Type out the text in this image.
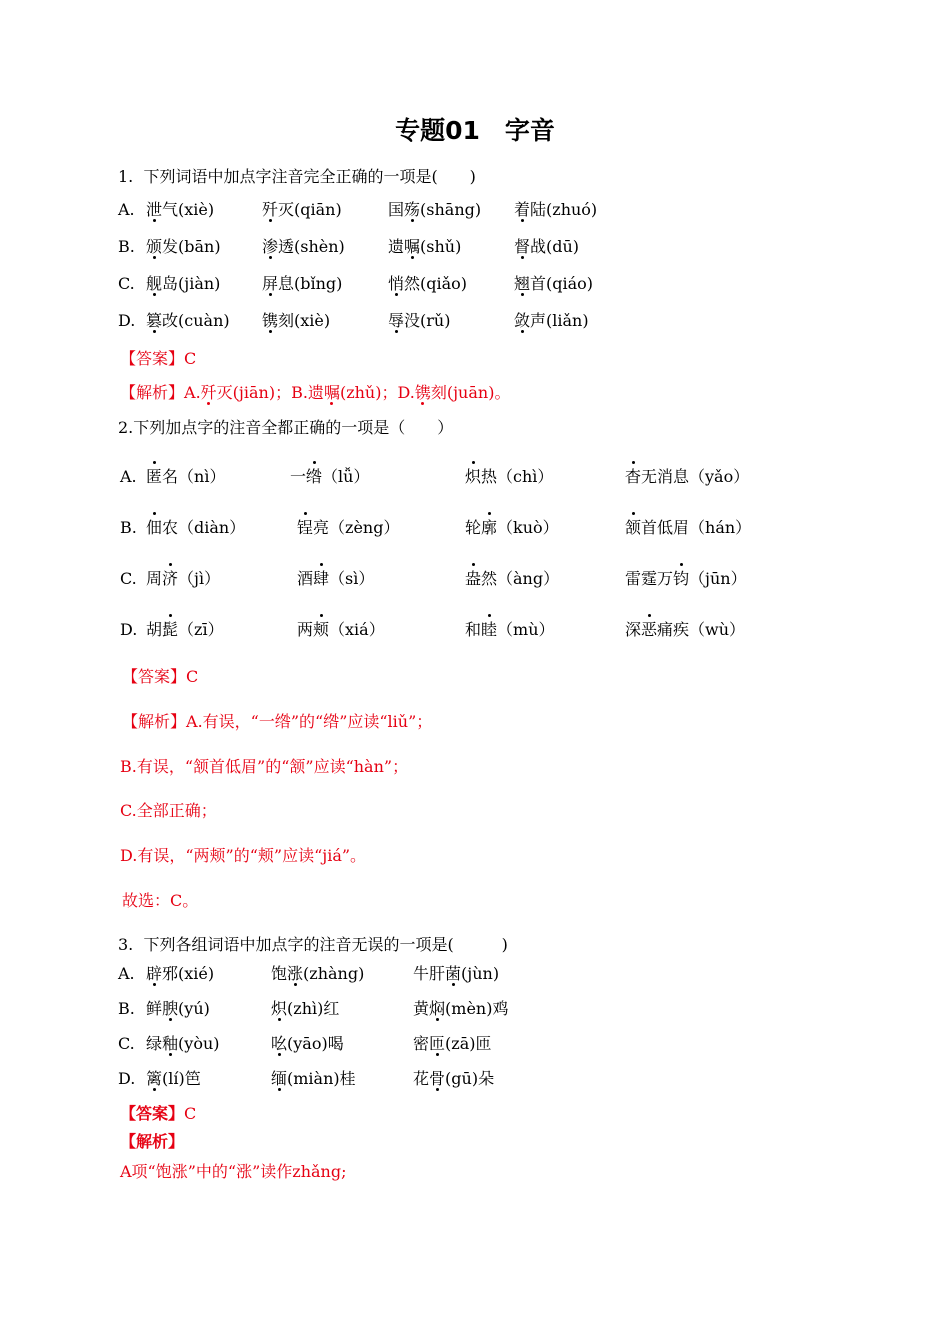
专题01　字音
1.  下列词语中加点字注音完全正确的一项是(　　)
A. 泄气(xiè)	歼灭(qiān)	国殇(shāng) 着陆(zhuó)
B. 颁发(bān)	渗透(shèn)	遗嘱(shǔ)	督战(dū)
C. 舰岛(jiàn)	屏息(bǐng)	悄然(qiǎo)	翘首(qiáo)
D. 篡改(cuàn) 镌刻(xiè)	辱没(rǔ)	敛声(liǎn)
【答案】C
【解析】A.歼灭(jiān)；B.遗嘱(zhǔ)；D.镌刻(juān)。
2.下列加点字的注音全都正确的一项是（　　）
A. 匿名（nì）	一绺（lǚ）	炽热（chì）	杳无消息（yǎo）
B. 佃农（diàn）	锃亮（zèng）	轮廓（kuò）	颔首低眉（hán）
C. 周济（jì）	酒肆（sì）	盎然（àng）	雷霆万钧（jūn）
D. 胡髭（zī）	两颊（xiá）	和睦（mù）	深恶痛疾（wù）
【答案】C
【解析】A.有误，“一绺”的“绺”应读“liǔ”；
B.有误，“颔首低眉”的“颔”应读“hàn”；
C.全部正确；
D.有误，“两颊”的“颊”应读“jiá”。
故选：C。
3.  下列各组词语中加点字的注音无误的一项是(　　　)
A. 辟邪(xié)	饱涨(zhàng)	牛肝菌(jùn)
B. 鲜腴(yú)	炽(zhì)红	黄焖(mèn)鸡
C. 绿釉(yòu)	吆(yāo)喝	密匝(zā)匝
D. 篱(lí)笆	缅(miàn)桂	花骨(gū)朵
【答案】C
【解析】
A项“饱涨”中的“涨”读作zhǎng;
